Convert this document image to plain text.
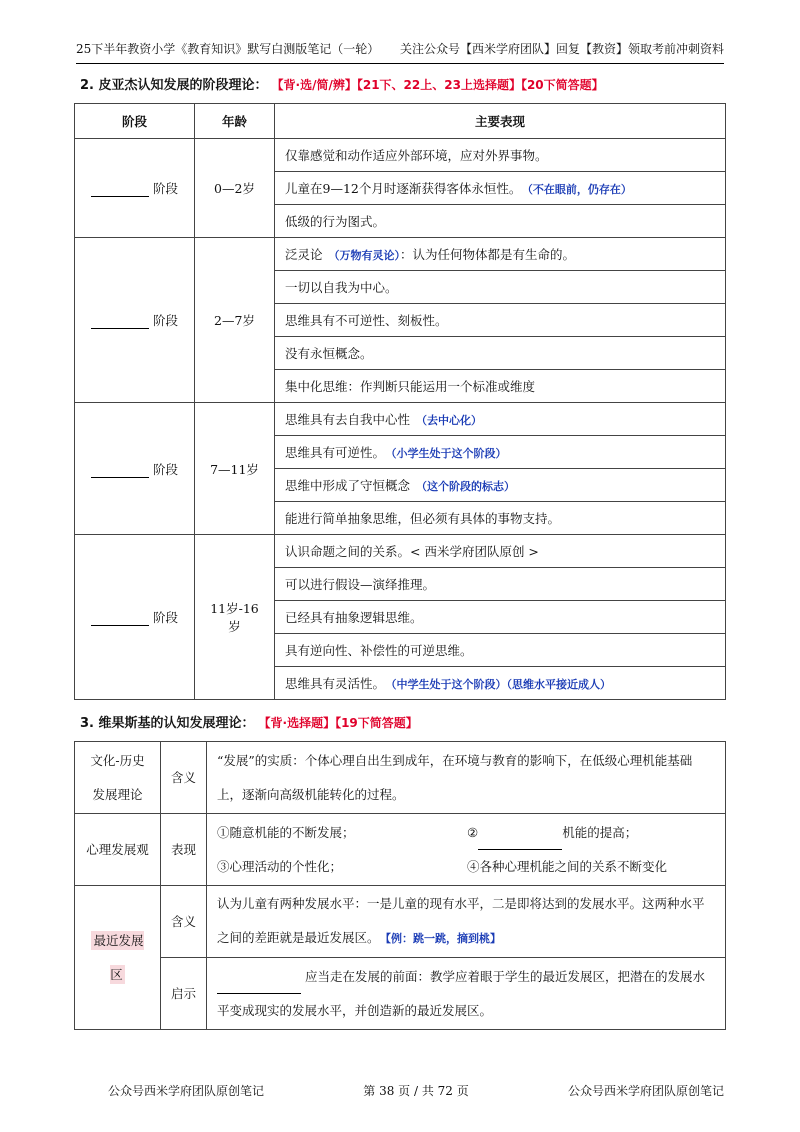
25下半年教资小学《教育知识》默写白测版笔记（一轮） 关注公众号【西米学府团队】回复【教资】领取考前冲刺资料
2. 皮亚杰认知发展的阶段理论： 【背·选/简/辨】【21下、22上、23上选择题】【20下简答题】
阶段	年龄	主要表现
阶段	0—2岁	仅靠感觉和动作适应外部环境，应对外界事物。
		儿童在9—12个月时逐渐获得客体永恒性。 （不在眼前，仍存在）
		低级的行为图式。
阶段	2—7岁	泛灵论 （万物有灵论）：认为任何物体都是有生命的。
		一切以自我为中心。
		思维具有不可逆性、刻板性。
		没有永恒概念。
		集中化思维：作判断只能运用一个标准或维度
阶段	7—11岁	思维具有去自我中心性 （去中心化）
		思维具有可逆性。 （小学生处于这个阶段）
		思维中形成了守恒概念 （这个阶段的标志）
		能进行简单抽象思维，但必须有具体的事物支持。
阶段	11岁-16岁	认识命题之间的关系。< 西米学府团队原创 >
		可以进行假设—演绎推理。
		已经具有抽象逻辑思维。
		具有逆向性、补偿性的可逆思维。
		思维具有灵活性。 （中学生处于这个阶段）（思维水平接近成人）
3. 维果斯基的认知发展理论： 【背·选择题】【19下简答题】
文化-历史发展理论	含义	“发展”的实质：个体心理自出生到成年，在环境与教育的影响下，在低级心理机能基础上，逐渐向高级机能转化的过程。
心理发展观	表现	①随意机能的不断发展； ② 机能的提高；
③心理活动的个性化； ④各种心理机能之间的关系不断变化

最近发展区	含义	认为儿童有两种发展水平：一是儿童的现有水平，二是即将达到的发展水平。这两种水平之间的差距就是最近发展区。 【例：跳一跳，摘到桃】
	启示	应当走在发展的前面：教学应着眼于学生的最近发展区，把潜在的发展水平变成现实的发展水平，并创造新的最近发展区。
公众号西米学府团队原创笔记	第 38 页 / 共 72 页	公众号西米学府团队原创笔记
